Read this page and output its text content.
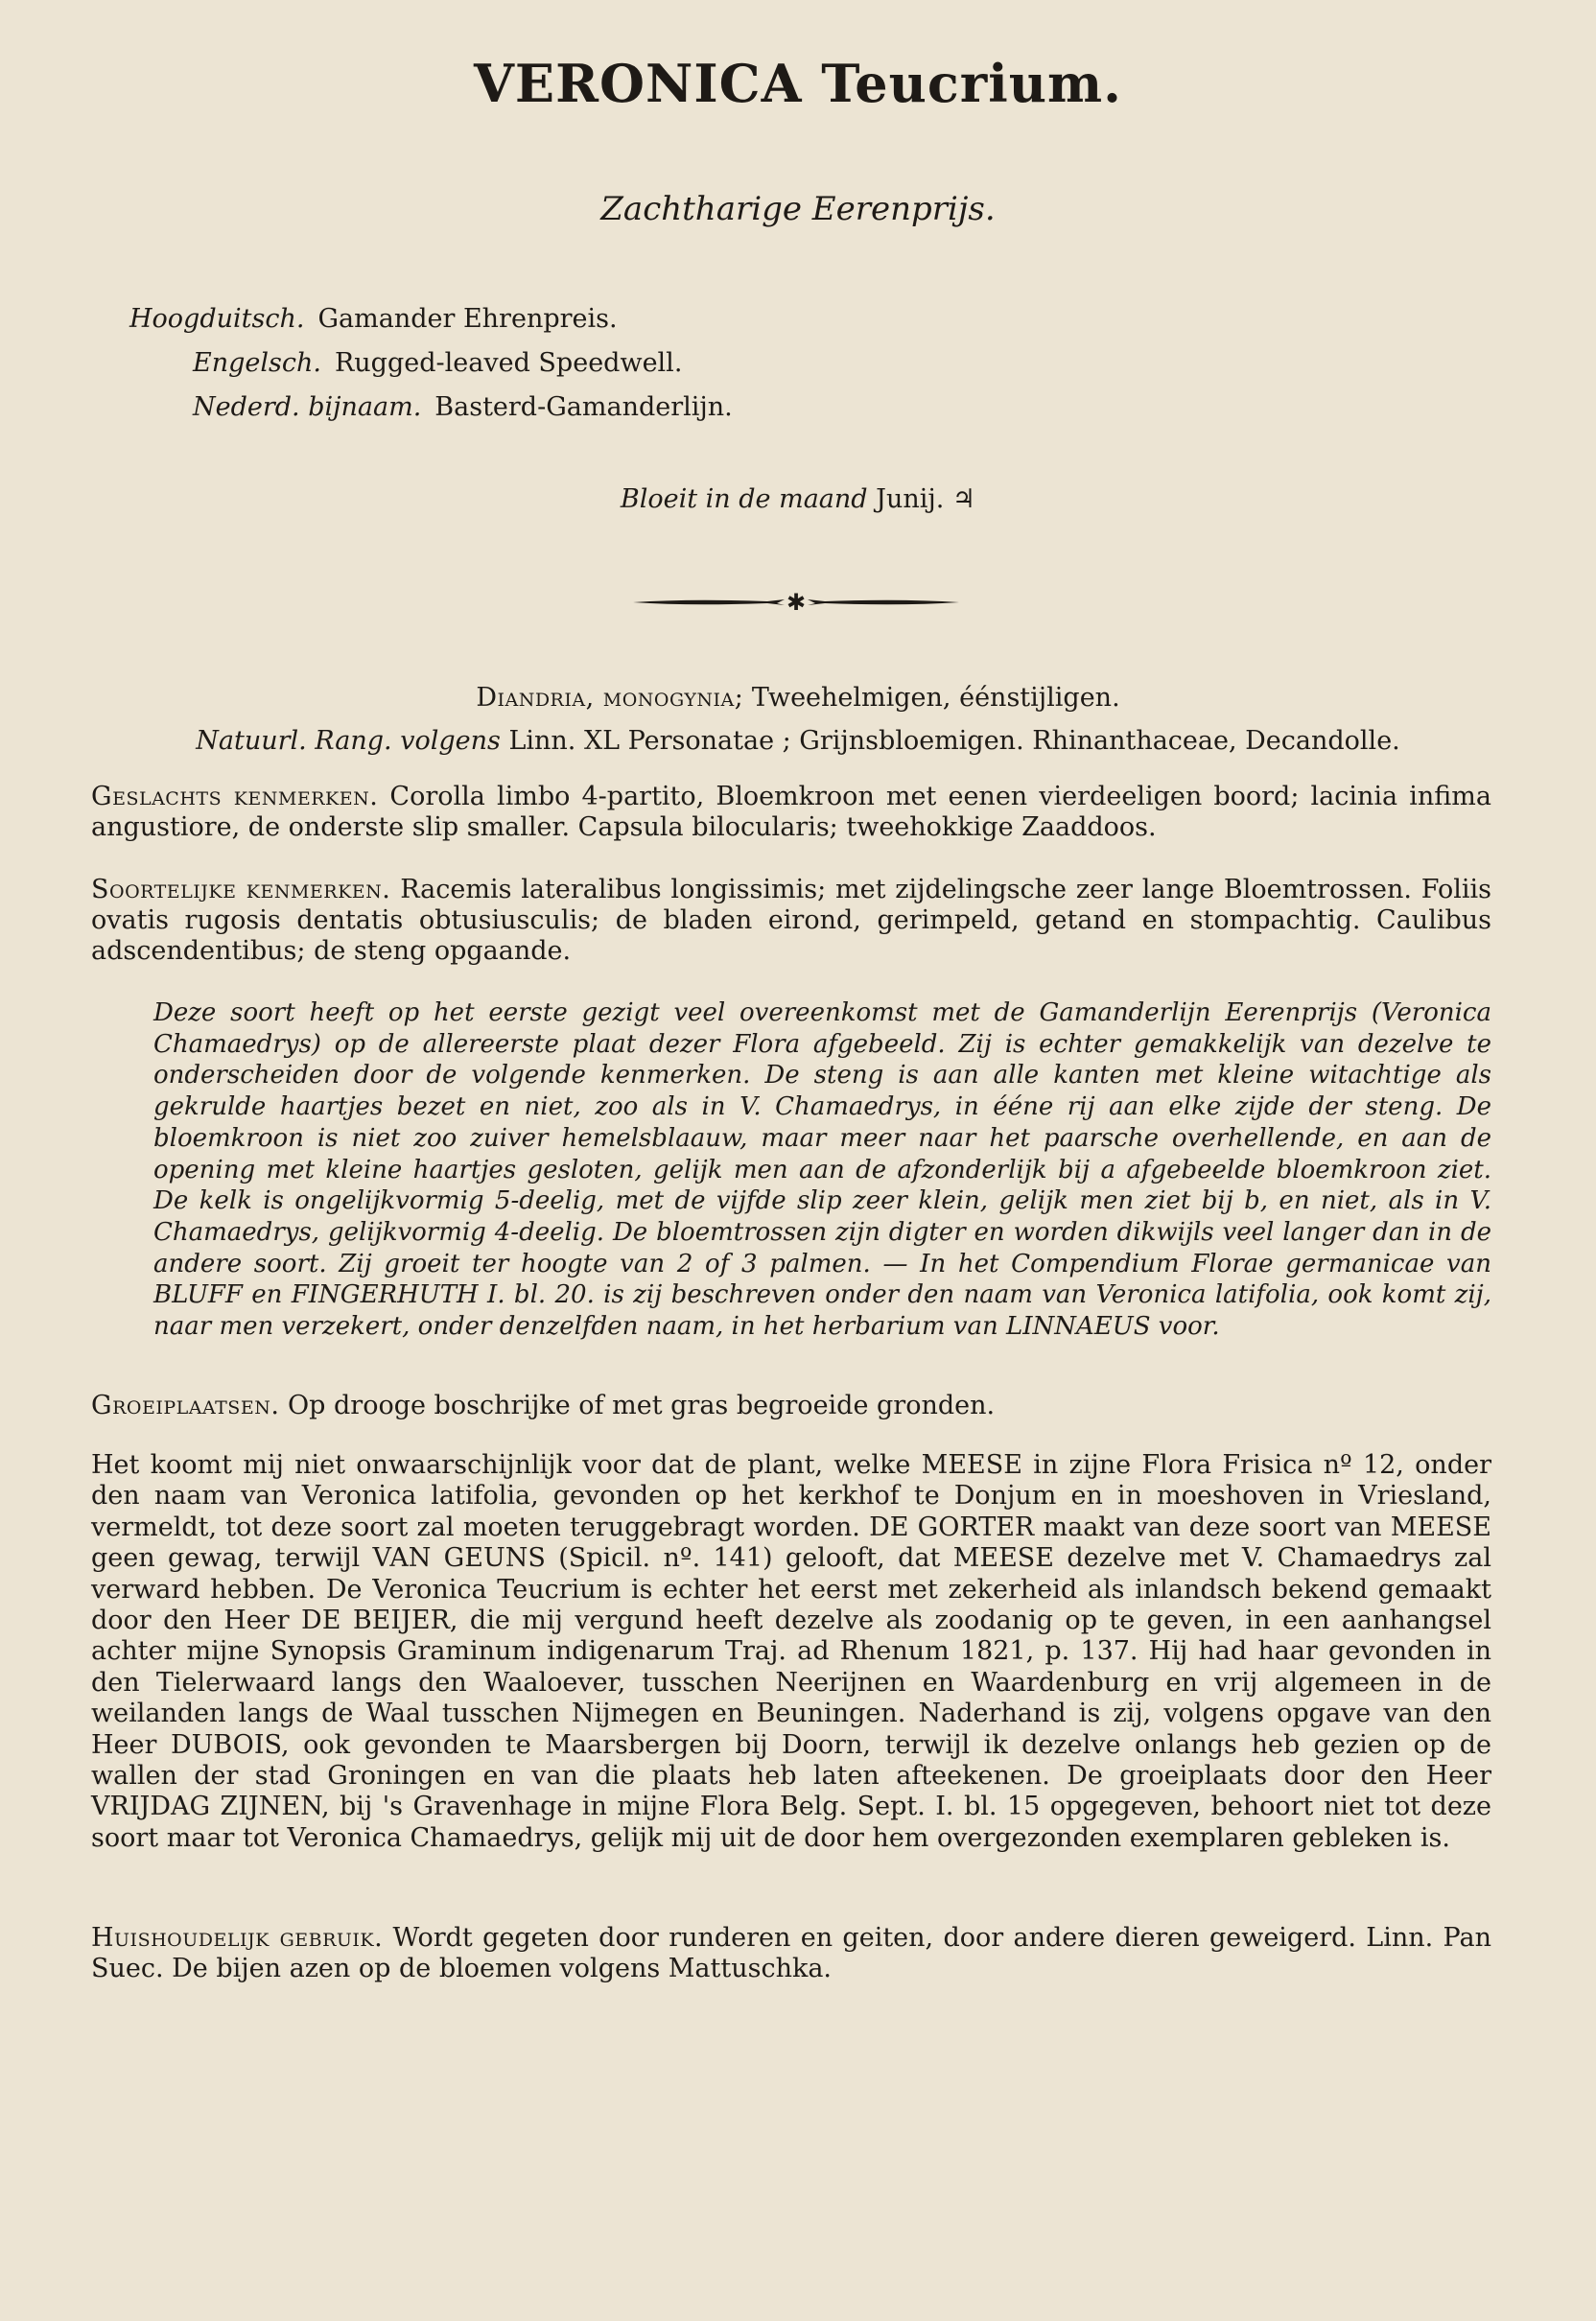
VERONICA Teucrium.
Zachtharige Eerenprijs.
Hoogduitsch. Gamander Ehrenpreis.
Engelsch. Rugged-leaved Speedwell.
Nederd. bijnaam. Basterd-Gamanderlijn.
Bloeit in de maand Junij. ♃
✱
Diandria, monogynia; Tweehelmigen, éénstijligen.
Natuurl. Rang. volgens Linn. XL Personatae ; Grijnsbloemigen. Rhinanthaceae, Decandolle.
Geslachts kenmerken. Corolla limbo 4-partito, Bloemkroon met eenen vierdeeligen boord; lacinia infima angustiore, de onderste slip smaller. Capsula bilocularis; tweehokkige Zaaddoos.
Soortelijke kenmerken. Racemis lateralibus longissimis; met zijdelingsche zeer lange Bloemtrossen. Foliis ovatis rugosis dentatis obtusiusculis; de bladen eirond, gerimpeld, getand en stompachtig. Caulibus adscendentibus; de steng opgaande.
Deze soort heeft op het eerste gezigt veel overeenkomst met de Gamanderlijn Eerenprijs (Veronica Chamaedrys) op de allereerste plaat dezer Flora afgebeeld. Zij is echter gemakkelijk van dezelve te onderscheiden door de volgende kenmerken. De steng is aan alle kanten met kleine witachtige als gekrulde haartjes bezet en niet, zoo als in V. Chamaedrys, in ééne rij aan elke zijde der steng. De bloemkroon is niet zoo zuiver hemelsblaauw, maar meer naar het paarsche overhellende, en aan de opening met kleine haartjes gesloten, gelijk men aan de afzonderlijk bij a afgebeelde bloemkroon ziet. De kelk is ongelijkvormig 5-deelig, met de vijfde slip zeer klein, gelijk men ziet bij b, en niet, als in V. Chamaedrys, gelijkvormig 4-deelig. De bloemtrossen zijn digter en worden dikwijls veel langer dan in de andere soort. Zij groeit ter hoogte van 2 of 3 palmen. — In het Compendium Florae germanicae van BLUFF en FINGERHUTH I. bl. 20. is zij beschreven onder den naam van Veronica latifolia, ook komt zij, naar men verzekert, onder denzelfden naam, in het herbarium van LINNAEUS voor.
Groeiplaatsen. Op droogе boschrijke of met gras begroeide gronden.
Het koomt mij niet onwaarschijnlijk voor dat de plant, welke MEESE in zijne Flora Frisica nº 12, onder den naam van Veronica latifolia, gevonden op het kerkhof te Donjum en in moeshoven in Vriesland, vermeldt, tot deze soort zal moeten teruggebragt worden. DE GORTER maakt van deze soort van MEESE geen gewag, terwijl VAN GEUNS (Spicil. nº. 141) gelooft, dat MEESE dezelve met V. Chamaedrys zal verward hebben. De Veronica Teucrium is echter het eerst met zekerheid als inlandsch bekend gemaakt door den Heer DE BEIJER, die mij vergund heeft dezelve als zoodanig op te geven, in een aanhangsel achter mijne Synopsis Graminum indigenarum Traj. ad Rhenum 1821, p. 137. Hij had haar gevonden in den Tielerwaard langs den Waaloever, tusschen Neerijnen en Waardenburg en vrij algemeen in de weilanden langs de Waal tusschen Nijmegen en Beuningen. Naderhand is zij, volgens opgave van den Heer DUBOIS, ook gevonden te Maarsbergen bij Doorn, terwijl ik dezelve onlangs heb gezien op de wallen der stad Groningen en van die plaats heb laten afteekenen. De groeiplaats door den Heer VRIJDAG ZIJNEN, bij 's Gravenhage in mijne Flora Belg. Sept. I. bl. 15 opgegeven, behoort niet tot deze soort maar tot Veronica Chamaedrys, gelijk mij uit de door hem overgezonden exemplaren gebleken is.
Huishoudelijk gebruik. Wordt gegeten door runderen en geiten, door andere dieren geweigerd. Linn. Pan Suec. De bijen azen op de bloemen volgens Mattuschka.
